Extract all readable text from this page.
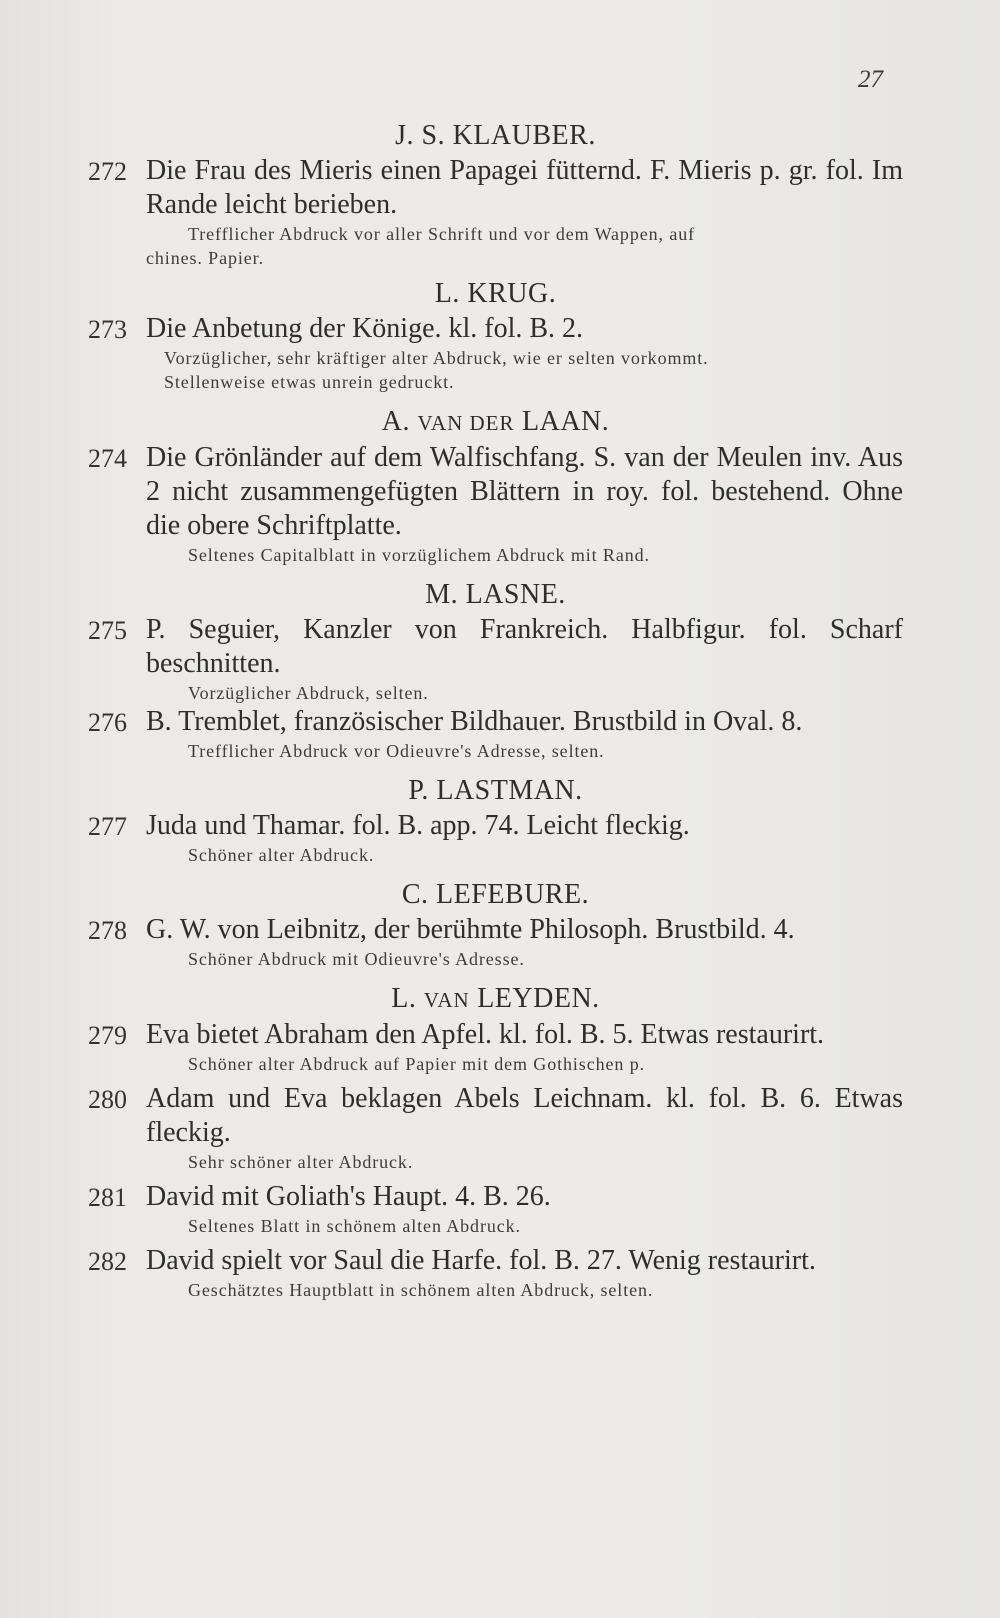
27
J. S. KLAUBER.
272 Die Frau des Mieris einen Papagei fütternd. F. Mieris p. gr. fol. Im Rande leicht berieben.
Trefflicher Abdruck vor aller Schrift und vor dem Wappen, auf
chines. Papier.
L. KRUG.
273 Die Anbetung der Könige. kl. fol. B. 2.
Vorzüglicher, sehr kräftiger alter Abdruck, wie er selten vorkommt.
Stellenweise etwas unrein gedruckt.
A. VAN DER LAAN.
274 Die Grönländer auf dem Walfischfang. S. van der Meulen inv. Aus 2 nicht zusammengefügten Blättern in roy. fol. bestehend. Ohne die obere Schriftplatte.
Seltenes Capitalblatt in vorzüglichem Abdruck mit Rand.
M. LASNE.
275 P. Seguier, Kanzler von Frankreich. Halbfigur. fol. Scharf beschnitten.
Vorzüglicher Abdruck, selten.
276 B. Tremblet, französischer Bildhauer. Brustbild in Oval. 8.
Trefflicher Abdruck vor Odieuvre's Adresse, selten.
P. LASTMAN.
277 Juda und Thamar. fol. B. app. 74. Leicht fleckig.
Schöner alter Abdruck.
C. LEFEBURE.
278 G. W. von Leibnitz, der berühmte Philosoph. Brustbild. 4.
Schöner Abdruck mit Odieuvre's Adresse.
L. VAN LEYDEN.
279 Eva bietet Abraham den Apfel. kl. fol. B. 5. Etwas restaurirt.
Schöner alter Abdruck auf Papier mit dem Gothischen p.
280 Adam und Eva beklagen Abels Leichnam. kl. fol. B. 6. Etwas fleckig.
Sehr schöner alter Abdruck.
281 David mit Goliath's Haupt. 4. B. 26.
Seltenes Blatt in schönem alten Abdruck.
282 David spielt vor Saul die Harfe. fol. B. 27. Wenig restaurirt.
Geschätztes Hauptblatt in schönem alten Abdruck, selten.
